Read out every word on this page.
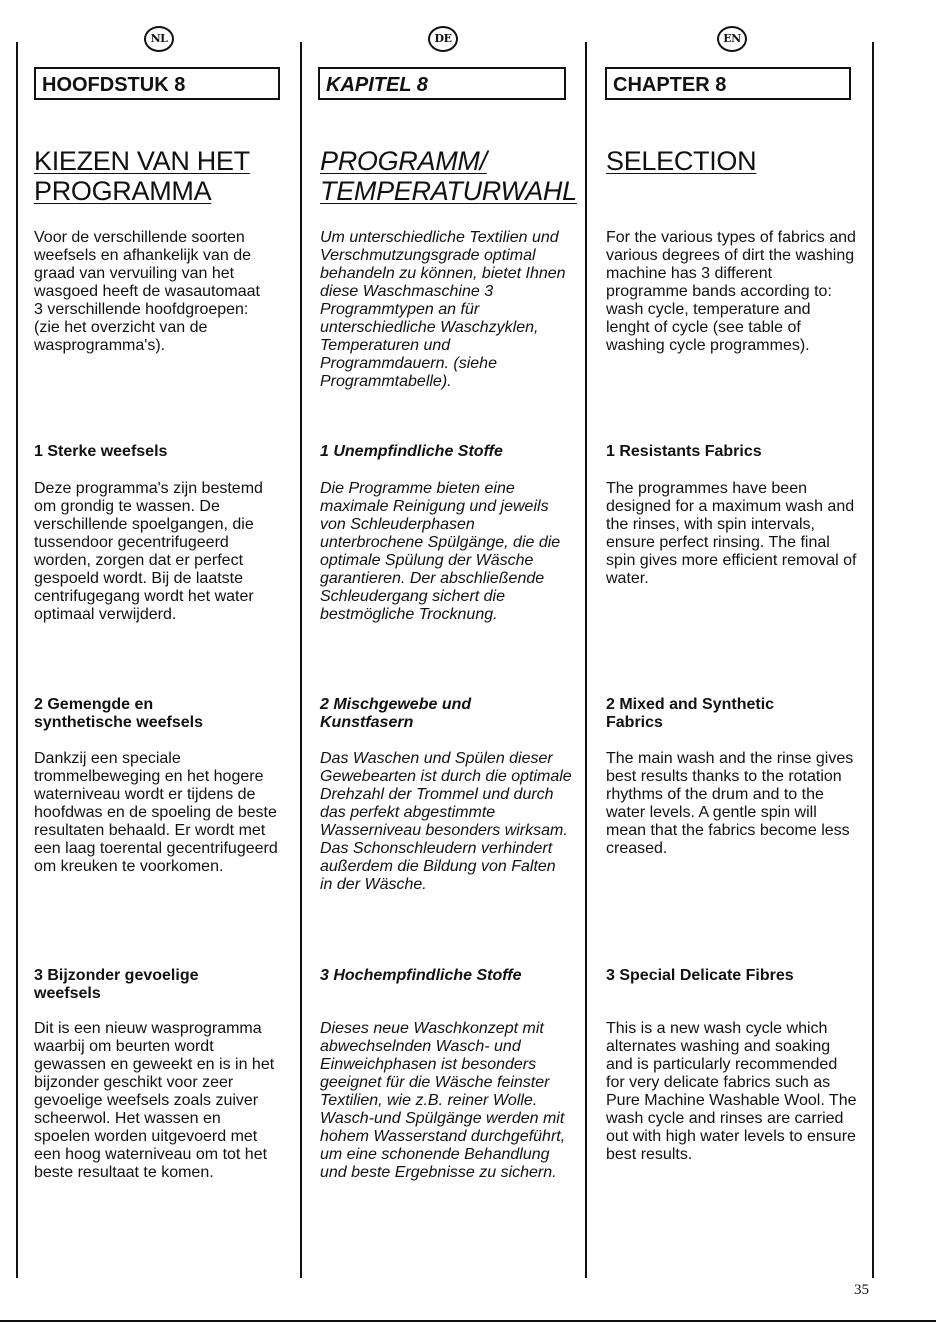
NL
HOOFDSTUK 8
KIEZEN VAN HET
PROGRAMMA

Voor de verschillende soorten weefsels en afhankelijk van de graad van vervuiling van het wasgoed heeft de wasautomaat 3 verschillende hoofdgroepen: (zie het overzicht van de wasprogramma's).

1 Sterke weefsels

Deze programma's zijn bestemd om grondig te wassen. De verschillende spoelgangen, die tussendoor gecentrifugeerd worden, zorgen dat er perfect gespoeld wordt. Bij de laatste centrifugegang wordt het water optimaal verwijderd.

2 Gemengde en synthetische weefsels

Dankzij een speciale trommelbeweging en het hogere waterniveau wordt er tijdens de hoofdwas en de spoeling de beste resultaten behaald. Er wordt met een laag toerental gecentrifugeerd om kreuken te voorkomen.

3 Bijzonder gevoelige weefsels

Dit is een nieuw wasprogramma waarbij om beurten wordt gewassen en geweekt en is in het bijzonder geschikt voor zeer gevoelige weefsels zoals zuiver scheerwol. Het wassen en spoelen worden uitgevoerd met een hoog waterniveau om tot het beste resultaat te komen.

DE
KAPITEL 8
PROGRAMM/
TEMPERATURWAHL

Um unterschiedliche Textilien und Verschmutzungsgrade optimal behandeln zu können, bietet Ihnen diese Waschmaschine 3 Programmtypen an für unterschiedliche Waschzyklen, Temperaturen und Programmdauern. (siehe Programmtabelle).

1 Unempfindliche Stoffe

Die Programme bieten eine maximale Reinigung und jeweils von Schleuderphasen unterbrochene Spülgänge, die die optimale Spülung der Wäsche garantieren. Der abschließende Schleudergang sichert die bestmögliche Trocknung.

2 Mischgewebe und Kunstfasern

Das Waschen und Spülen dieser Gewebearten ist durch die optimale Drehzahl der Trommel und durch das perfekt abgestimmte Wasserniveau besonders wirksam. Das Schonschleudern verhindert außerdem die Bildung von Falten in der Wäsche.

3 Hochempfindliche Stoffe

Dieses neue Waschkonzept mit abwechselnden Wasch- und Einweichphasen ist besonders geeignet für die Wäsche feinster Textilien, wie z.B. reiner Wolle. Wasch-und Spülgänge werden mit hohem Wasserstand durchgeführt, um eine schonende Behandlung und beste Ergebnisse zu sichern.

EN
CHAPTER 8
SELECTION

For the various types of fabrics and various degrees of dirt the washing machine has 3 different programme bands according to: wash cycle, temperature and lenght of cycle (see table of washing cycle programmes).

1 Resistants Fabrics

The programmes have been designed for a maximum wash and the rinses, with spin intervals, ensure perfect rinsing. The final spin gives more efficient removal of water.

2 Mixed and Synthetic Fabrics

The main wash and the rinse gives best results thanks to the rotation rhythms of the drum and to the water levels. A gentle spin will mean that the fabrics become less creased.

3 Special Delicate Fibres

This is a new wash cycle which alternates washing and soaking and is particularly recommended for very delicate fabrics such as Pure Machine Washable Wool. The wash cycle and rinses are carried out with high water levels to ensure best results.

35
